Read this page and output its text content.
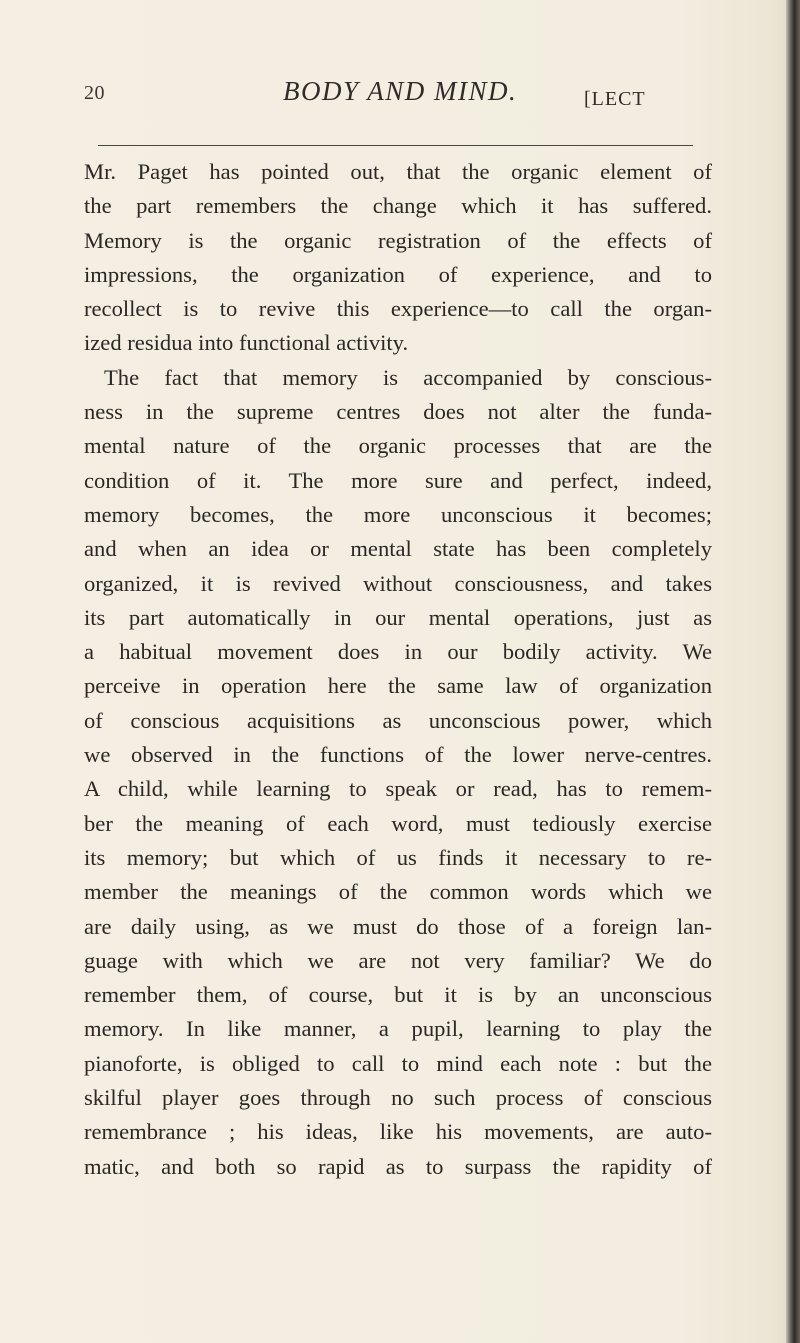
20	BODY AND MIND.	[LECT
Mr. Paget has pointed out, that the organic element of
the part remembers the change which it has suffered.
Memory is the organic registration of the effects of
impressions, the organization of experience, and to
recollect is to revive this experience—to call the organ-
ized residua into functional activity.
The fact that memory is accompanied by conscious-
ness in the supreme centres does not alter the funda-
mental nature of the organic processes that are the
condition of it. The more sure and perfect, indeed,
memory becomes, the more unconscious it becomes;
and when an idea or mental state has been completely
organized, it is revived without consciousness, and takes
its part automatically in our mental operations, just as
a habitual movement does in our bodily activity. We
perceive in operation here the same law of organization
of conscious acquisitions as unconscious power, which
we observed in the functions of the lower nerve-centres.
A child, while learning to speak or read, has to remem-
ber the meaning of each word, must tediously exercise
its memory; but which of us finds it necessary to re-
member the meanings of the common words which we
are daily using, as we must do those of a foreign lan-
guage with which we are not very familiar? We do
remember them, of course, but it is by an unconscious
memory. In like manner, a pupil, learning to play the
pianoforte, is obliged to call to mind each note : but the
skilful player goes through no such process of conscious
remembrance ; his ideas, like his movements, are auto-
matic, and both so rapid as to surpass the rapidity of
